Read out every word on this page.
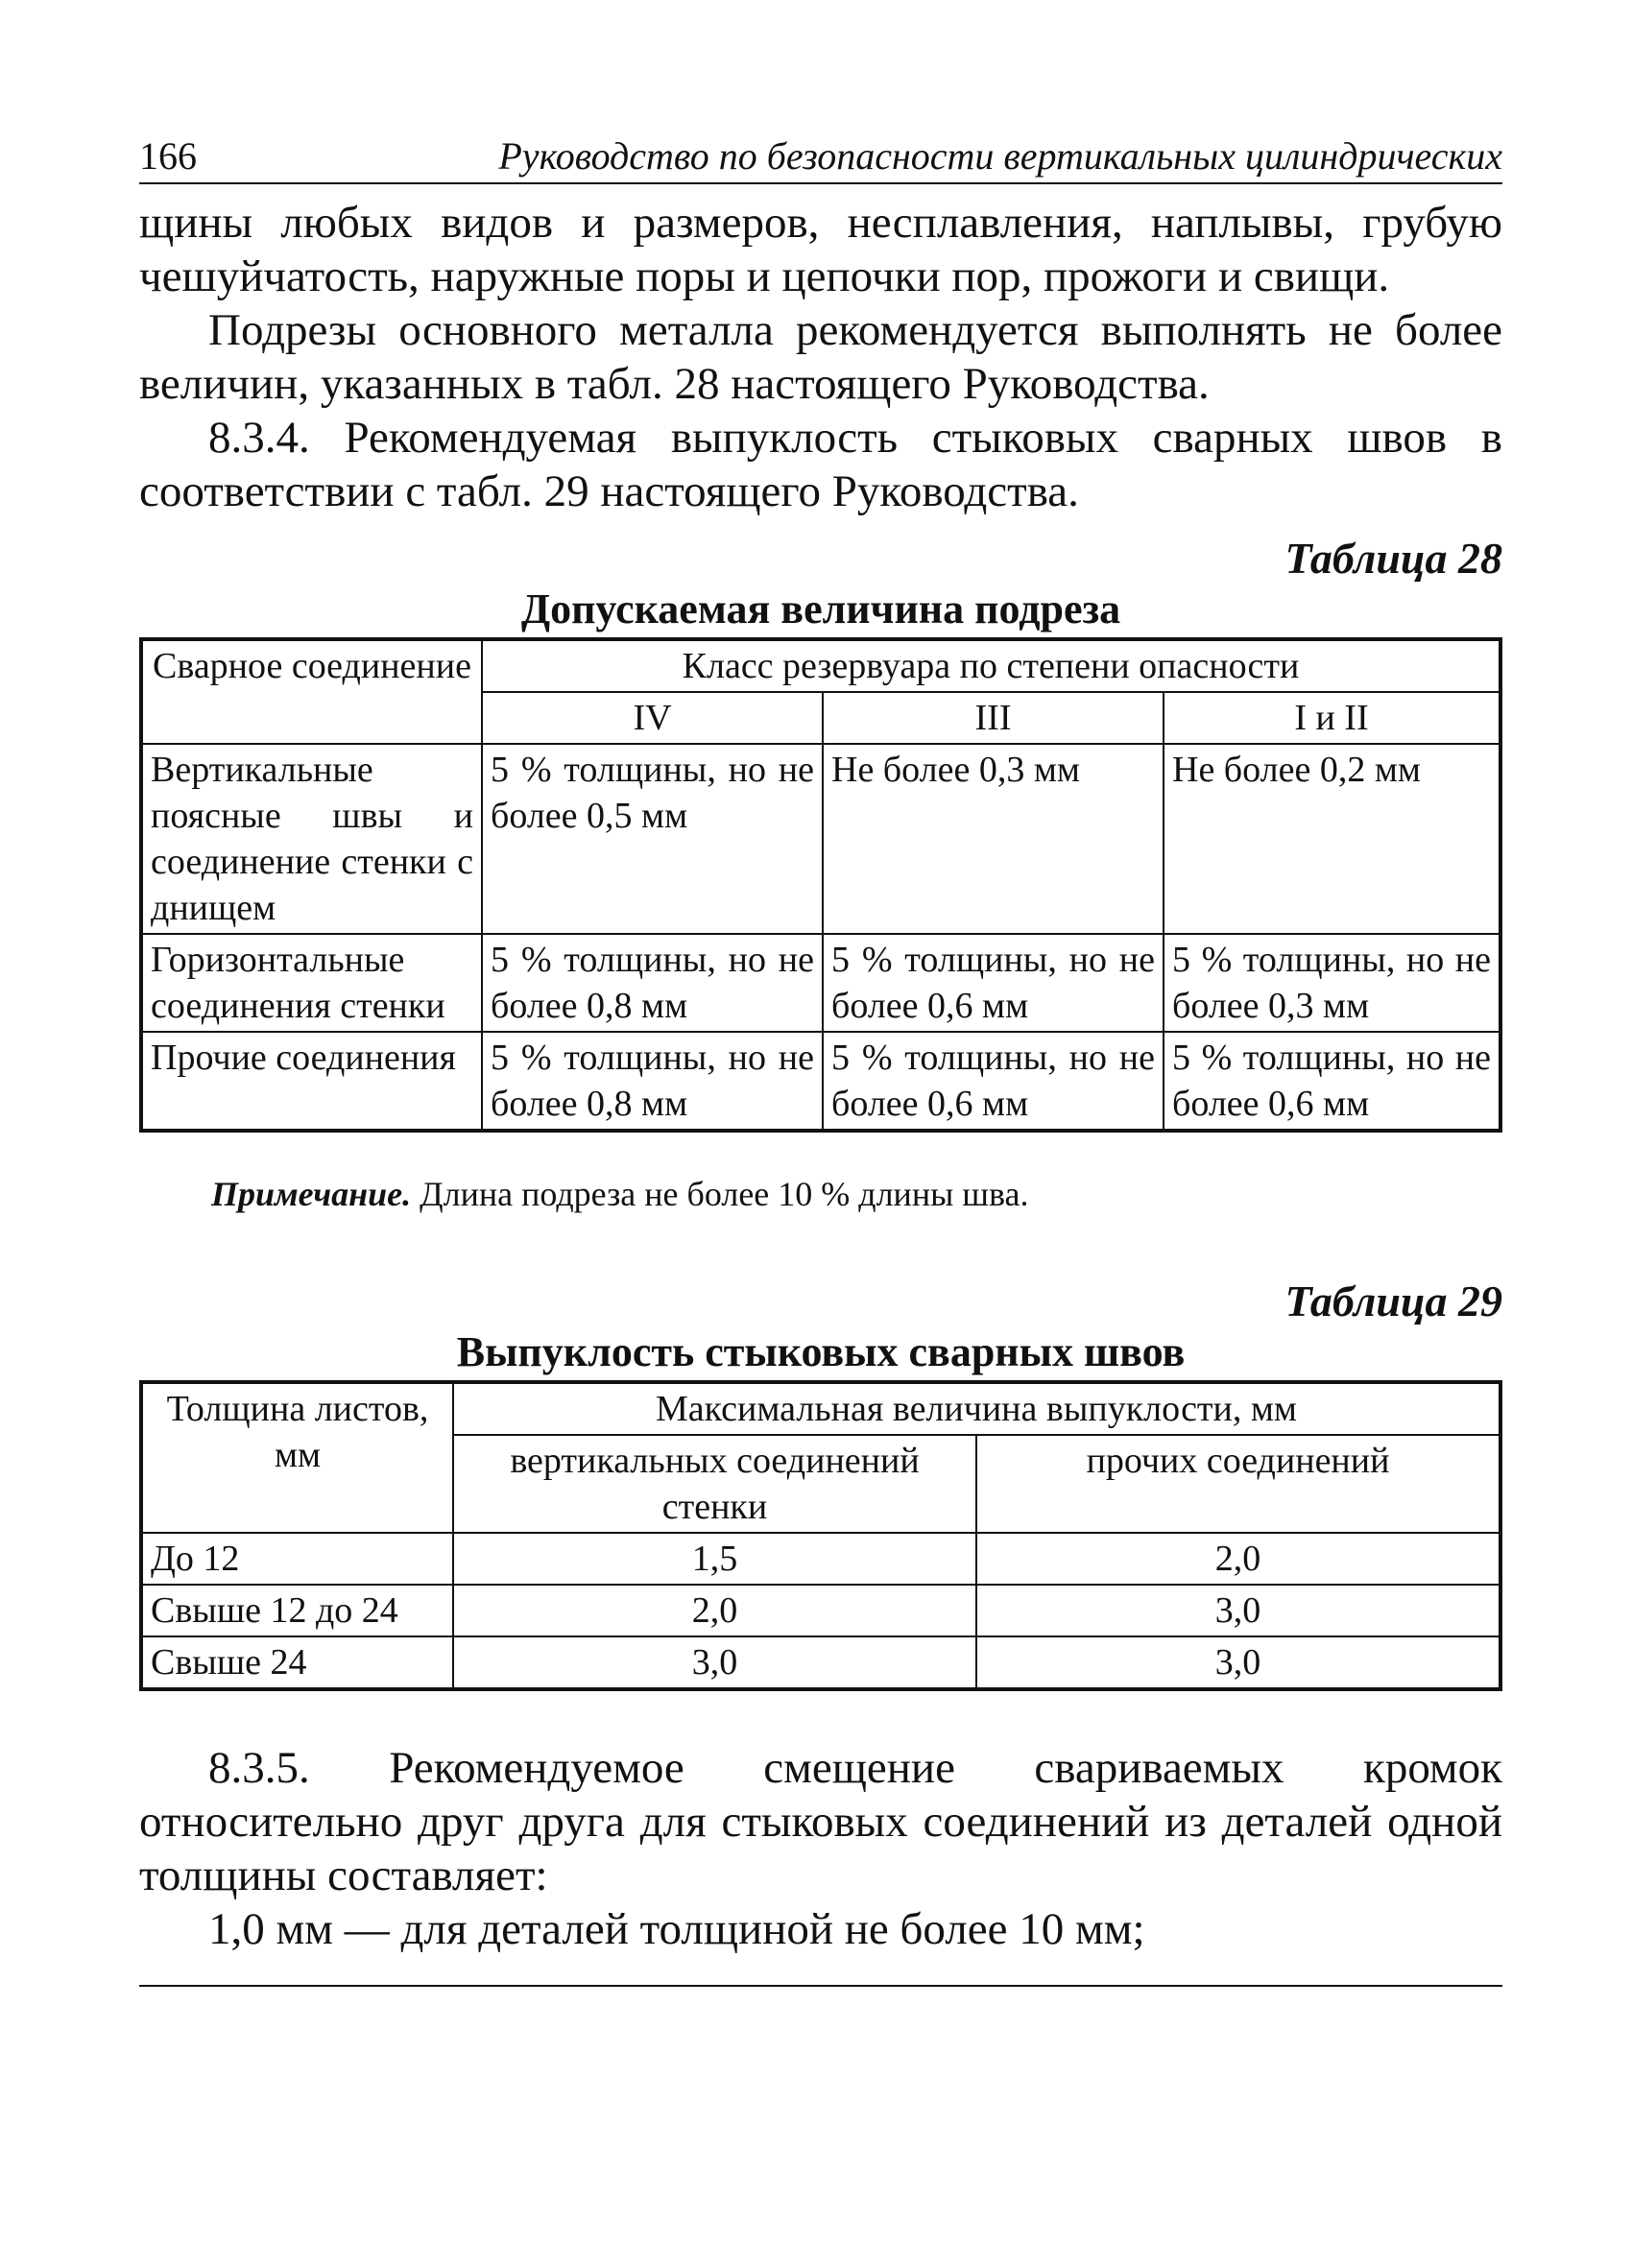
166	Руководство по безопасности вертикальных цилиндрических

щины любых видов и размеров, несплавления, наплывы, грубую чешуйчатость, наружные поры и цепочки пор, прожоги и свищи.

Подрезы основного металла рекомендуется выполнять не более величин, указанных в табл. 28 настоящего Руководства.

8.3.4. Рекомендуемая выпуклость стыковых сварных швов в соответствии с табл. 29 настоящего Руководства.

Таблица 28
Допускаемая величина подреза
Сварное соединение	Класс резервуара по степени опасности		
	IV	III	I и II
Вертикальные поясные швы и соединение стенки с днищем	5 % толщины, но не более 0,5 мм	Не более 0,3 мм	Не более 0,2 мм
Горизонтальные соединения стенки	5 % толщины, но не более 0,8 мм	5 % толщины, но не более 0,6 мм	5 % толщины, но не более 0,3 мм
Прочие соединения	5 % толщины, но не более 0,8 мм	5 % толщины, но не более 0,6 мм	5 % толщины, но не более 0,6 мм
Примечание. Длина подреза не более 10 % длины шва.
Таблица 29
Выпуклость стыковых сварных швов
Толщина листов, мм	Максимальная величина выпуклости, мм	
	вертикальных соединений стенки	прочих соединений
До 12	1,5	2,0
Свыше 12 до 24	2,0	3,0
Свыше 24	3,0	3,0

8.3.5. Рекомендуемое смещение свариваемых кромок относительно друг друга для стыковых соединений из деталей одной толщины составляет:

1,0 мм — для деталей толщиной не более 10 мм;
